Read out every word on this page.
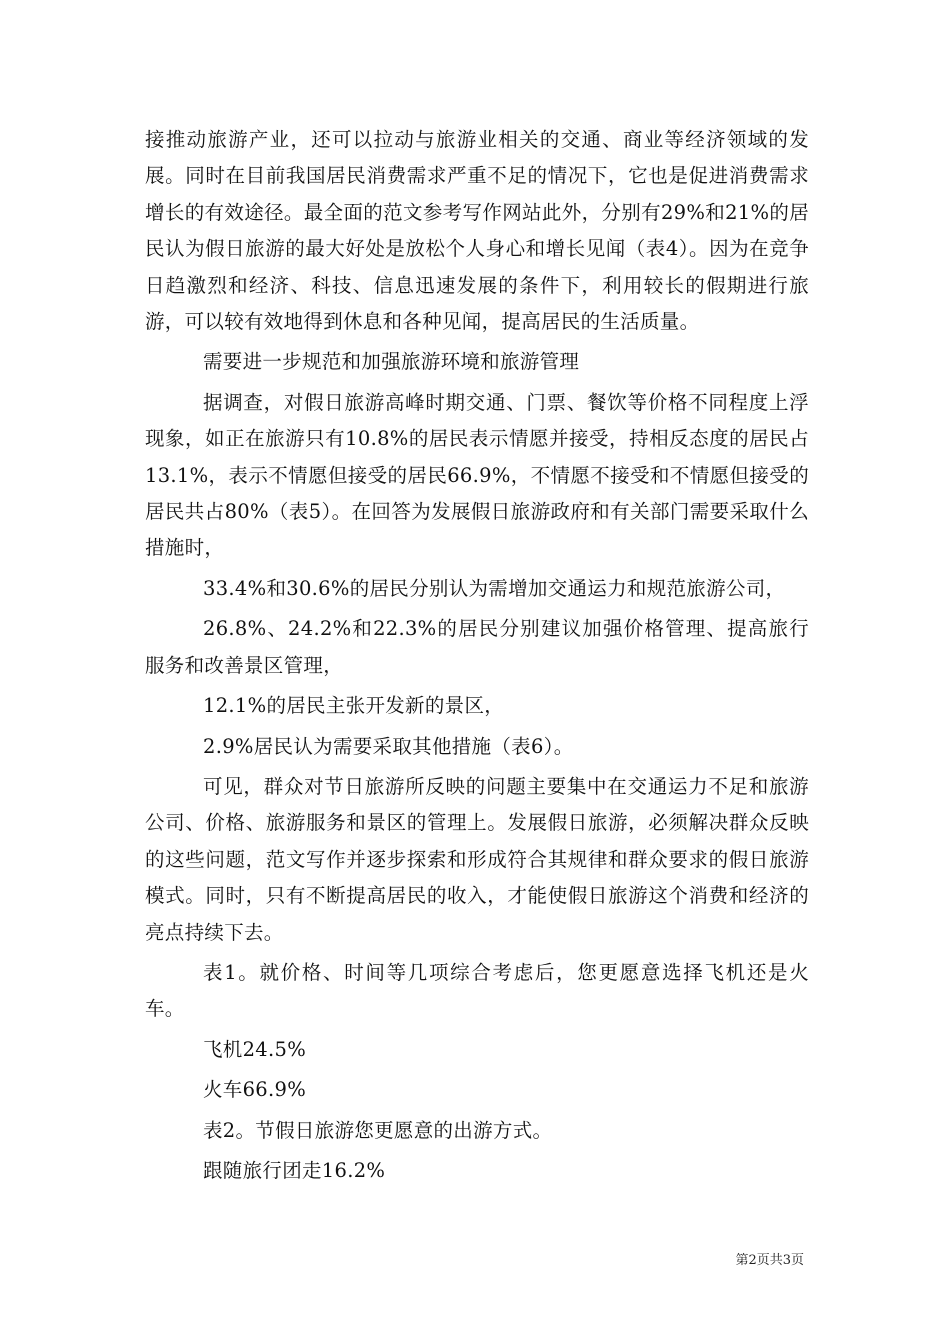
接推动旅游产业，还可以拉动与旅游业相关的交通、商业等经济领域的发展。同时在目前我国居民消费需求严重不足的情况下，它也是促进消费需求增长的有效途径。最全面的范文参考写作网站此外，分别有29%和21%的居民认为假日旅游的最大好处是放松个人身心和增长见闻（表4）。因为在竞争日趋激烈和经济、科技、信息迅速发展的条件下，利用较长的假期进行旅游，可以较有效地得到休息和各种见闻，提高居民的生活质量。

需要进一步规范和加强旅游环境和旅游管理

据调查，对假日旅游高峰时期交通、门票、餐饮等价格不同程度上浮现象，如正在旅游只有10.8%的居民表示情愿并接受，持相反态度的居民占13.1%，表示不情愿但接受的居民66.9%，不情愿不接受和不情愿但接受的居民共占80%（表5）。在回答为发展假日旅游政府和有关部门需要采取什么措施时，

33.4%和30.6%的居民分别认为需增加交通运力和规范旅游公司，

26.8%、24.2%和22.3%的居民分别建议加强价格管理、提高旅行服务和改善景区管理，

12.1%的居民主张开发新的景区，

2.9%居民认为需要采取其他措施（表6）。

可见，群众对节日旅游所反映的问题主要集中在交通运力不足和旅游公司、价格、旅游服务和景区的管理上。发展假日旅游，必须解决群众反映的这些问题，范文写作并逐步探索和形成符合其规律和群众要求的假日旅游模式。同时，只有不断提高居民的收入，才能使假日旅游这个消费和经济的亮点持续下去。

表1。就价格、时间等几项综合考虑后，您更愿意选择飞机还是火车。

飞机24.5%

火车66.9%

表2。节假日旅游您更愿意的出游方式。

跟随旅行团走16.2%

第2页共3页
